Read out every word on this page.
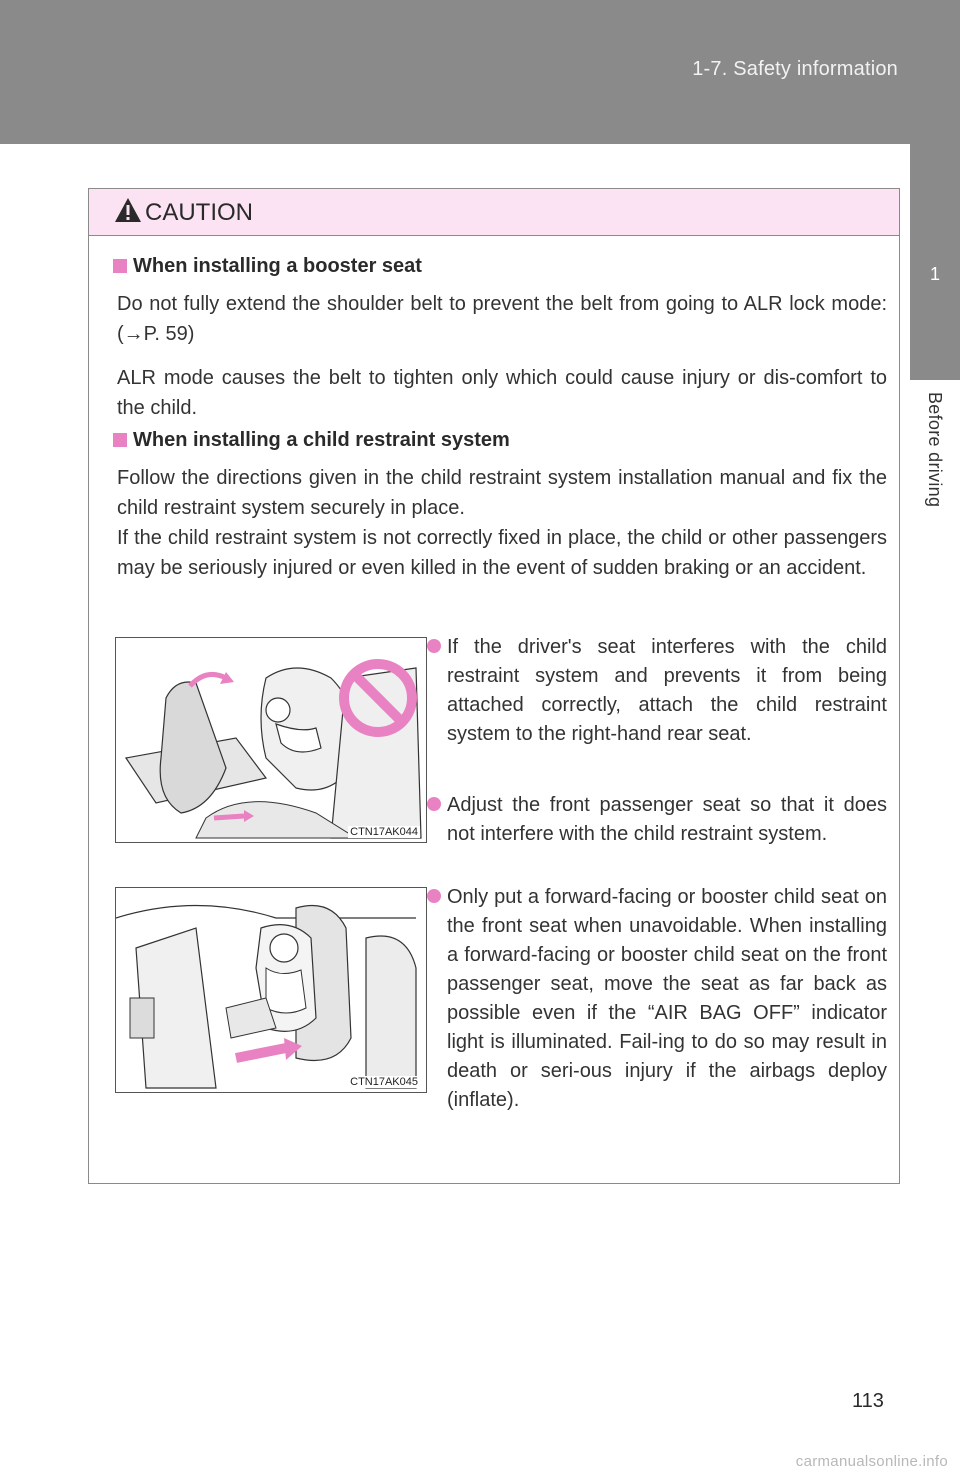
1-7. Safety information
1
Before driving
CAUTION
When installing a booster seat

Do not fully extend the shoulder belt to prevent the belt from going to ALR lock mode: (→P. 59)

ALR mode causes the belt to tighten only which could cause injury or dis-comfort to the child.

When installing a child restraint system

Follow the directions given in the child restraint system installation manual and fix the child restraint system securely in place.

If the child restraint system is not correctly fixed in place, the child or other passengers may be seriously injured or even killed in the event of sudden braking or an accident.

CTN17AK044
CTN17AK045
If the driver's seat interferes with the child restraint system and prevents it from being attached correctly, attach the child restraint system to the right-hand rear seat.
Adjust the front passenger seat so that it does not interfere with the child restraint system.
Only put a forward-facing or booster child seat on the front seat when unavoidable. When installing a forward-facing or booster child seat on the front passenger seat, move the seat as far back as possible even if the “AIR BAG OFF” indicator light is illuminated. Fail-ing to do so may result in death or seri-ous injury if the airbags deploy (inflate).
113
carmanualsonline.info
